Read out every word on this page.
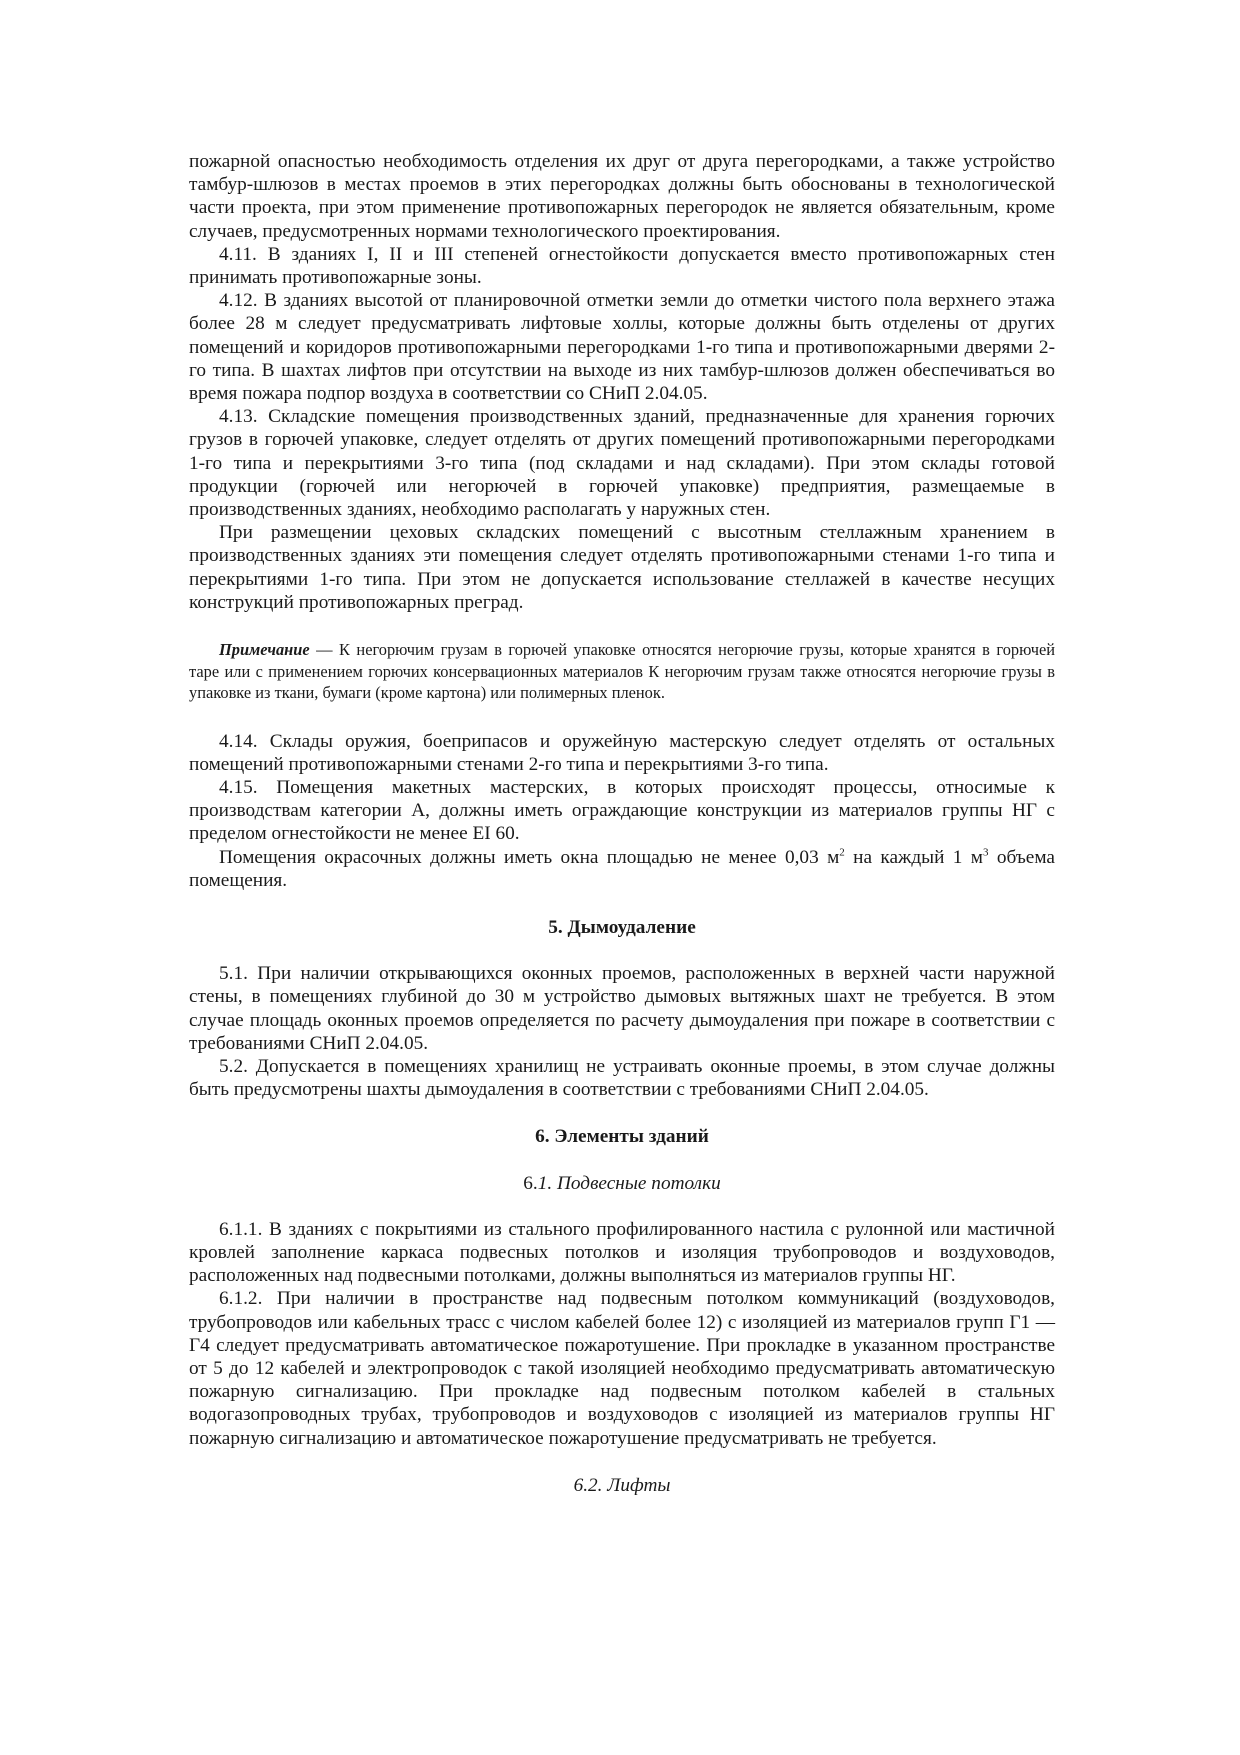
пожарной опасностью необходимость отделения их друг от друга перегородками, а также устройство тамбур-шлюзов в местах проемов в этих перегородках должны быть обоснованы в технологической части проекта, при этом применение противопожарных перегородок не является обязательным, кроме случаев, предусмотренных нормами технологического проектирования.

4.11. В зданиях I, II и III степеней огнестойкости допускается вместо противопожарных стен принимать противопожарные зоны.

4.12. В зданиях высотой от планировочной отметки земли до отметки чистого пола верхнего этажа более 28 м следует предусматривать лифтовые холлы, которые должны быть отделены от других помещений и коридоров противопожарными перегородками 1-го типа и противопожарными дверями 2-го типа. В шахтах лифтов при отсутствии на выходе из них тамбур-шлюзов должен обеспечиваться во время пожара подпор воздуха в соответствии со СНиП 2.04.05.

4.13. Складские помещения производственных зданий, предназначенные для хранения горючих грузов в горючей упаковке, следует отделять от других помещений противопожарными перегородками 1-го типа и перекрытиями 3-го типа (под складами и над складами). При этом склады готовой продукции (горючей или негорючей в горючей упаковке) предприятия, размещаемые в производственных зданиях, необходимо располагать у наружных стен.

При размещении цеховых складских помещений с высотным стеллажным хранением в производственных зданиях эти помещения следует отделять противопожарными стенами 1-го типа и перекрытиями 1-го типа. При этом не допускается использование стеллажей в качестве несущих конструкций противопожарных преград.

Примечание — К негорючим грузам в горючей упаковке относятся негорючие грузы, которые хранятся в горючей таре или с применением горючих консервационных материалов К негорючим грузам также относятся негорючие грузы в упаковке из ткани, бумаги (кроме картона) или полимерных пленок.

4.14. Склады оружия, боеприпасов и оружейную мастерскую следует отделять от остальных помещений противопожарными стенами 2-го типа и перекрытиями 3-го типа.

4.15. Помещения макетных мастерских, в которых происходят процессы, относимые к производствам категории А, должны иметь ограждающие конструкции из материалов группы НГ с пределом огнестойкости не менее EI 60.

Помещения окрасочных должны иметь окна площадью не менее 0,03 $м^2$ на каждый 1 $м^3$ объема помещения.

5. Дымоудаление

5.1. При наличии открывающихся оконных проемов, расположенных в верхней части наружной стены, в помещениях глубиной до 30 м устройство дымовых вытяжных шахт не требуется. В этом случае площадь оконных проемов определяется по расчету дымоудаления при пожаре в соответствии с требованиями СНиП 2.04.05.

5.2. Допускается в помещениях хранилищ не устраивать оконные проемы, в этом случае должны быть предусмотрены шахты дымоудаления в соответствии с требованиями СНиП 2.04.05.

6. Элементы зданий

6.1. Подвесные потолки

6.1.1. В зданиях с покрытиями из стального профилированного настила с рулонной или мастичной кровлей заполнение каркаса подвесных потолков и изоляция трубопроводов и воздуховодов, расположенных над подвесными потолками, должны выполняться из материалов группы НГ.

6.1.2. При наличии в пространстве над подвесным потолком коммуникаций (воздуховодов, трубопроводов или кабельных трасс с числом кабелей более 12) с изоляцией из материалов групп Г1 — Г4 следует предусматривать автоматическое пожаротушение. При прокладке в указанном пространстве от 5 до 12 кабелей и электропроводок с такой изоляцией необходимо предусматривать автоматическую пожарную сигнализацию. При прокладке над подвесным потолком кабелей в стальных водогазопроводных трубах, трубопроводов и воздуховодов с изоляцией из материалов группы НГ пожарную сигнализацию и автоматическое пожаротушение предусматривать не требуется.

6.2. Лифты
